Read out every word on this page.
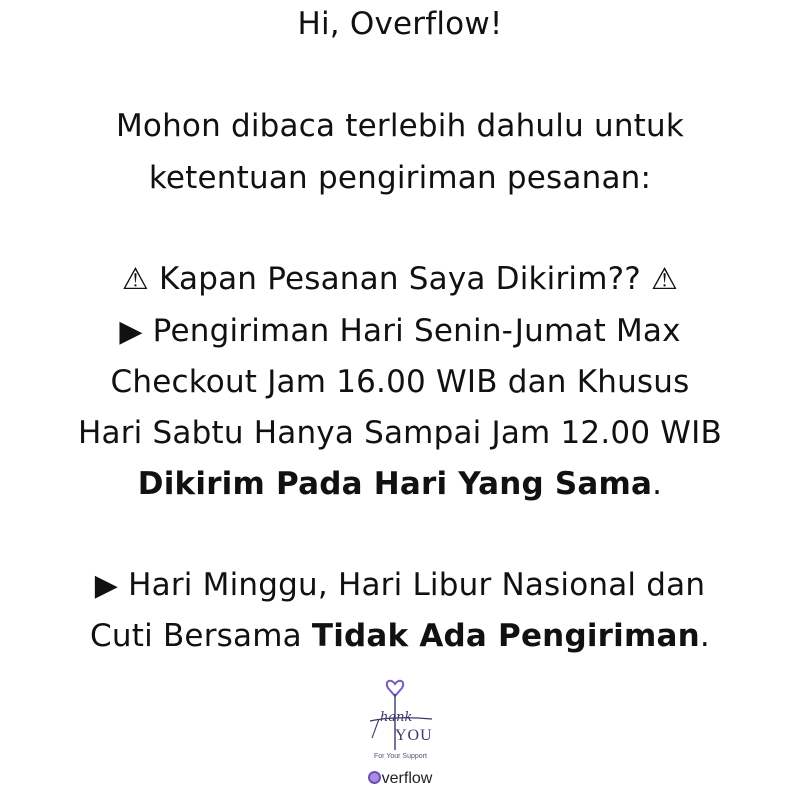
Hi, Overflow!
Mohon dibaca terlebih dahulu untuk
ketentuan pengiriman pesanan:
⚠ Kapan Pesanan Saya Dikirim?? ⚠
▶ Pengiriman Hari Senin-Jumat Max
Checkout Jam 16.00 WIB dan Khusus
Hari Sabtu Hanya Sampai Jam 12.00 WIB
Dikirim Pada Hari Yang Sama.
▶ Hari Minggu, Hari Libur Nasional dan
Cuti Bersama Tidak Ada Pengiriman.
hank
YOU
For Your Support
verflow
